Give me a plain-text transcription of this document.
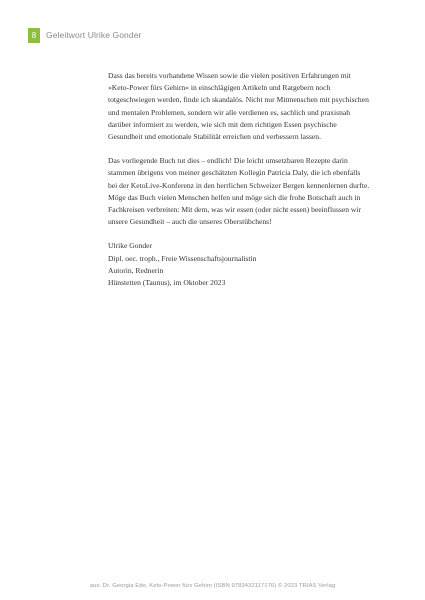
8	Geleitwort Ulrike Gonder

Dass das bereits vorhandene Wissen sowie die vielen positiven Erfahrungen mit »Keto-Power fürs Gehirn« in einschlägigen Artikeln und Ratgebern noch totgeschwiegen werden, finde ich skandalös. Nicht nur Mitmenschen mit psychischen und mentalen Problemen, sondern wir alle verdienen es, sachlich und praxisnah darüber informiert zu werden, wie sich mit dem richtigen Essen psychische Gesundheit und emotionale Stabilität erreichen und verbessern lassen.

Das vorliegende Buch tut dies – endlich! Die leicht umsetzbaren Rezepte darin stammen übrigens von meiner geschätzten Kollegin Patricia Daly, die ich ebenfalls bei der KetoLive-Konferenz in den herrlichen Schweizer Bergen kennenlernen durfte. Möge das Buch vielen Menschen helfen und möge sich die frohe Botschaft auch in Fachkreisen verbreiten: Mit dem, was wir essen (oder nicht essen) beeinflussen wir unsere Gesundheit – auch die unseres Oberstübchens!

Ulrike Gonder
Dipl. oec. troph., Freie Wissenschaftsjournalistin
Autorin, Rednerin
Hünstetten (Taunus), im Oktober 2023
aus: Dr. Georgia Ede, Keto-Power fürs Gehirn (ISBN 9783432117176) © 2023 TRIAS Verlag
